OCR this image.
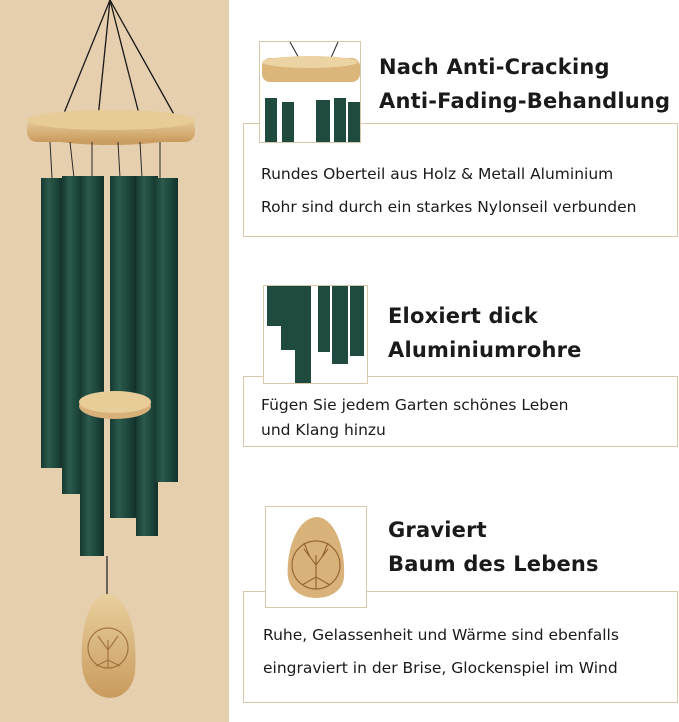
Nach Anti-Cracking
Anti-Fading-Behandlung
Rundes Oberteil aus Holz & Metall Aluminium
Rohr sind durch ein starkes Nylonseil verbunden
Eloxiert dick
Aluminiumrohre
Fügen Sie jedem Garten schönes Leben
und Klang hinzu
Graviert
Baum des Lebens
Ruhe, Gelassenheit und Wärme sind ebenfalls
eingraviert in der Brise, Glockenspiel im Wind
